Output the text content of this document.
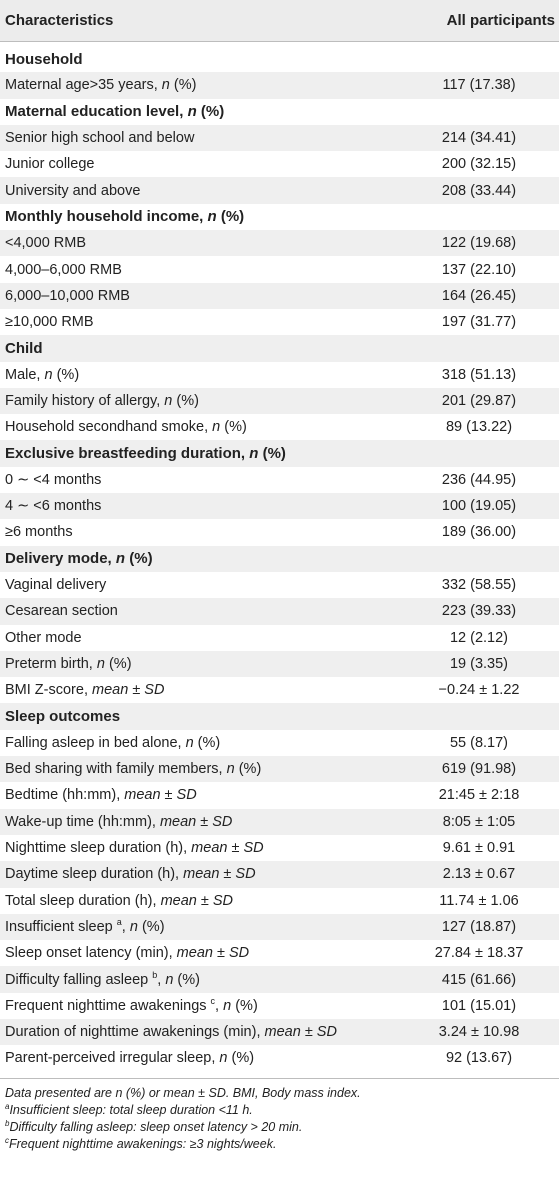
Characteristics	All participants
Household
Maternal age>35 years, n (%)	117 (17.38)
Maternal education level, n (%)
Senior high school and below	214 (34.41)
Junior college	200 (32.15)
University and above	208 (33.44)
Monthly household income, n (%)
<4,000 RMB	122 (19.68)
4,000–6,000 RMB	137 (22.10)
6,000–10,000 RMB	164 (26.45)
≥10,000 RMB	197 (31.77)
Child
Male, n (%)	318 (51.13)
Family history of allergy, n (%)	201 (29.87)
Household secondhand smoke, n (%)	89 (13.22)
Exclusive breastfeeding duration, n (%)
0 ∼ <4 months	236 (44.95)
4 ∼ <6 months	100 (19.05)
≥6 months	189 (36.00)
Delivery mode, n (%)
Vaginal delivery	332 (58.55)
Cesarean section	223 (39.33)
Other mode	12 (2.12)
Preterm birth, n (%)	19 (3.35)
BMI Z-score, mean ± SD	−0.24 ± 1.22
Sleep outcomes
Falling asleep in bed alone, n (%)	55 (8.17)
Bed sharing with family members, n (%)	619 (91.98)
Bedtime (hh:mm), mean ± SD	21:45 ± 2:18
Wake-up time (hh:mm), mean ± SD	8:05 ± 1:05
Nighttime sleep duration (h), mean ± SD	9.61 ± 0.91
Daytime sleep duration (h), mean ± SD	2.13 ± 0.67
Total sleep duration (h), mean ± SD	11.74 ± 1.06
Insufficient sleep $^a$, n (%)	127 (18.87)
Sleep onset latency (min), mean ± SD	27.84 ± 18.37
Difficulty falling asleep $^b$, n (%)	415 (61.66)
Frequent nighttime awakenings $^c$, n (%)	101 (15.01)
Duration of nighttime awakenings (min), mean ± SD	3.24 ± 10.98
Parent-perceived irregular sleep, n (%)	92 (13.67)
Data presented are n (%) or mean ± SD. BMI, Body mass index.
$^a$Insufficient sleep: total sleep duration <11 h.
$^b$Difficulty falling asleep: sleep onset latency > 20 min.
$^c$Frequent nighttime awakenings: ≥3 nights/week.
